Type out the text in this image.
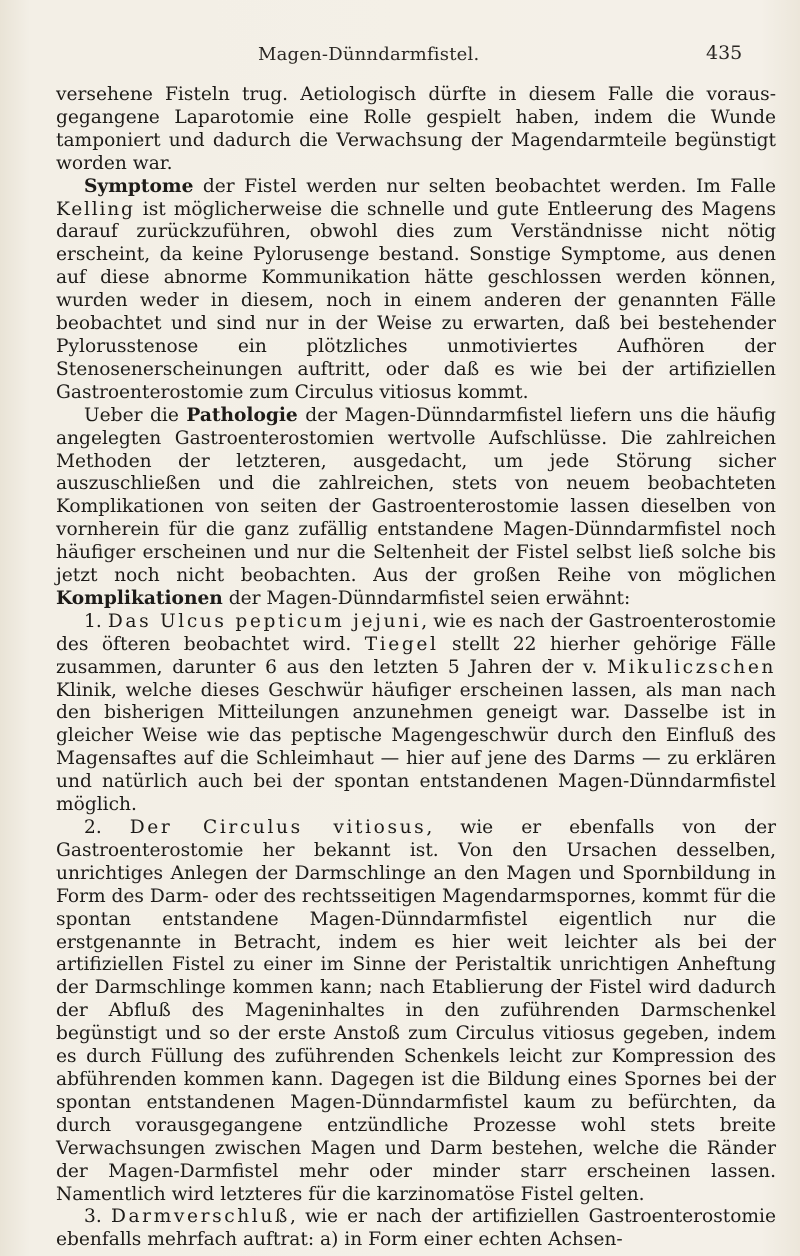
Magen-Dünndarmfistel.	435

versehene Fisteln trug. Aetiologisch dürfte in diesem Falle die voraus-gegangene Laparotomie eine Rolle gespielt haben, indem die Wunde tamponiert und dadurch die Verwachsung der Magendarmteile begünstigt worden war.

Symptome der Fistel werden nur selten beobachtet werden. Im Falle Kelling ist möglicherweise die schnelle und gute Entleerung des Magens darauf zurückzuführen, obwohl dies zum Verständnisse nicht nötig erscheint, da keine Pylorusenge bestand. Sonstige Symptome, aus denen auf diese abnorme Kommunikation hätte geschlossen werden können, wurden weder in diesem, noch in einem anderen der genannten Fälle beobachtet und sind nur in der Weise zu erwarten, daß bei bestehender Pylorusstenose ein plötzliches unmotiviertes Aufhören der Stenosenerscheinungen auftritt, oder daß es wie bei der artifiziellen Gastroenterostomie zum Circulus vitiosus kommt.

Ueber die Pathologie der Magen-Dünndarmfistel liefern uns die häufig angelegten Gastroenterostomien wertvolle Aufschlüsse. Die zahlreichen Methoden der letzteren, ausgedacht, um jede Störung sicher auszuschließen und die zahlreichen, stets von neuem beobachteten Komplikationen von seiten der Gastroenterostomie lassen dieselben von vornherein für die ganz zufällig entstandene Magen-Dünndarmfistel noch häufiger erscheinen und nur die Seltenheit der Fistel selbst ließ solche bis jetzt noch nicht beobachten. Aus der großen Reihe von möglichen Komplikationen der Magen-Dünndarmfistel seien erwähnt:

1. Das Ulcus pepticum jejuni, wie es nach der Gastroenterostomie des öfteren beobachtet wird. Tiegel stellt 22 hierher gehörige Fälle zusammen, darunter 6 aus den letzten 5 Jahren der v. Mikuliczschen Klinik, welche dieses Geschwür häufiger erscheinen lassen, als man nach den bisherigen Mitteilungen anzunehmen geneigt war. Dasselbe ist in gleicher Weise wie das peptische Magengeschwür durch den Einfluß des Magensaftes auf die Schleimhaut — hier auf jene des Darms — zu erklären und natürlich auch bei der spontan entstandenen Magen-Dünndarmfistel möglich.

2. Der Circulus vitiosus, wie er ebenfalls von der Gastroenterostomie her bekannt ist. Von den Ursachen desselben, unrichtiges Anlegen der Darmschlinge an den Magen und Spornbildung in Form des Darm- oder des rechtsseitigen Magendarmspornes, kommt für die spontan entstandene Magen-Dünndarmfistel eigentlich nur die erstgenannte in Betracht, indem es hier weit leichter als bei der artifiziellen Fistel zu einer im Sinne der Peristaltik unrichtigen Anheftung der Darmschlinge kommen kann; nach Etablierung der Fistel wird dadurch der Abfluß des Mageninhaltes in den zuführenden Darmschenkel begünstigt und so der erste Anstoß zum Circulus vitiosus gegeben, indem es durch Füllung des zuführenden Schenkels leicht zur Kompression des abführenden kommen kann. Dagegen ist die Bildung eines Spornes bei der spontan entstandenen Magen-Dünndarmfistel kaum zu befürchten, da durch vorausgegangene entzündliche Prozesse wohl stets breite Verwachsungen zwischen Magen und Darm bestehen, welche die Ränder der Magen-Darmfistel mehr oder minder starr erscheinen lassen. Namentlich wird letzteres für die karzinomatöse Fistel gelten.

3. Darmverschluß, wie er nach der artifiziellen Gastroenterostomie ebenfalls mehrfach auftrat: a) in Form einer echten Achsen-
